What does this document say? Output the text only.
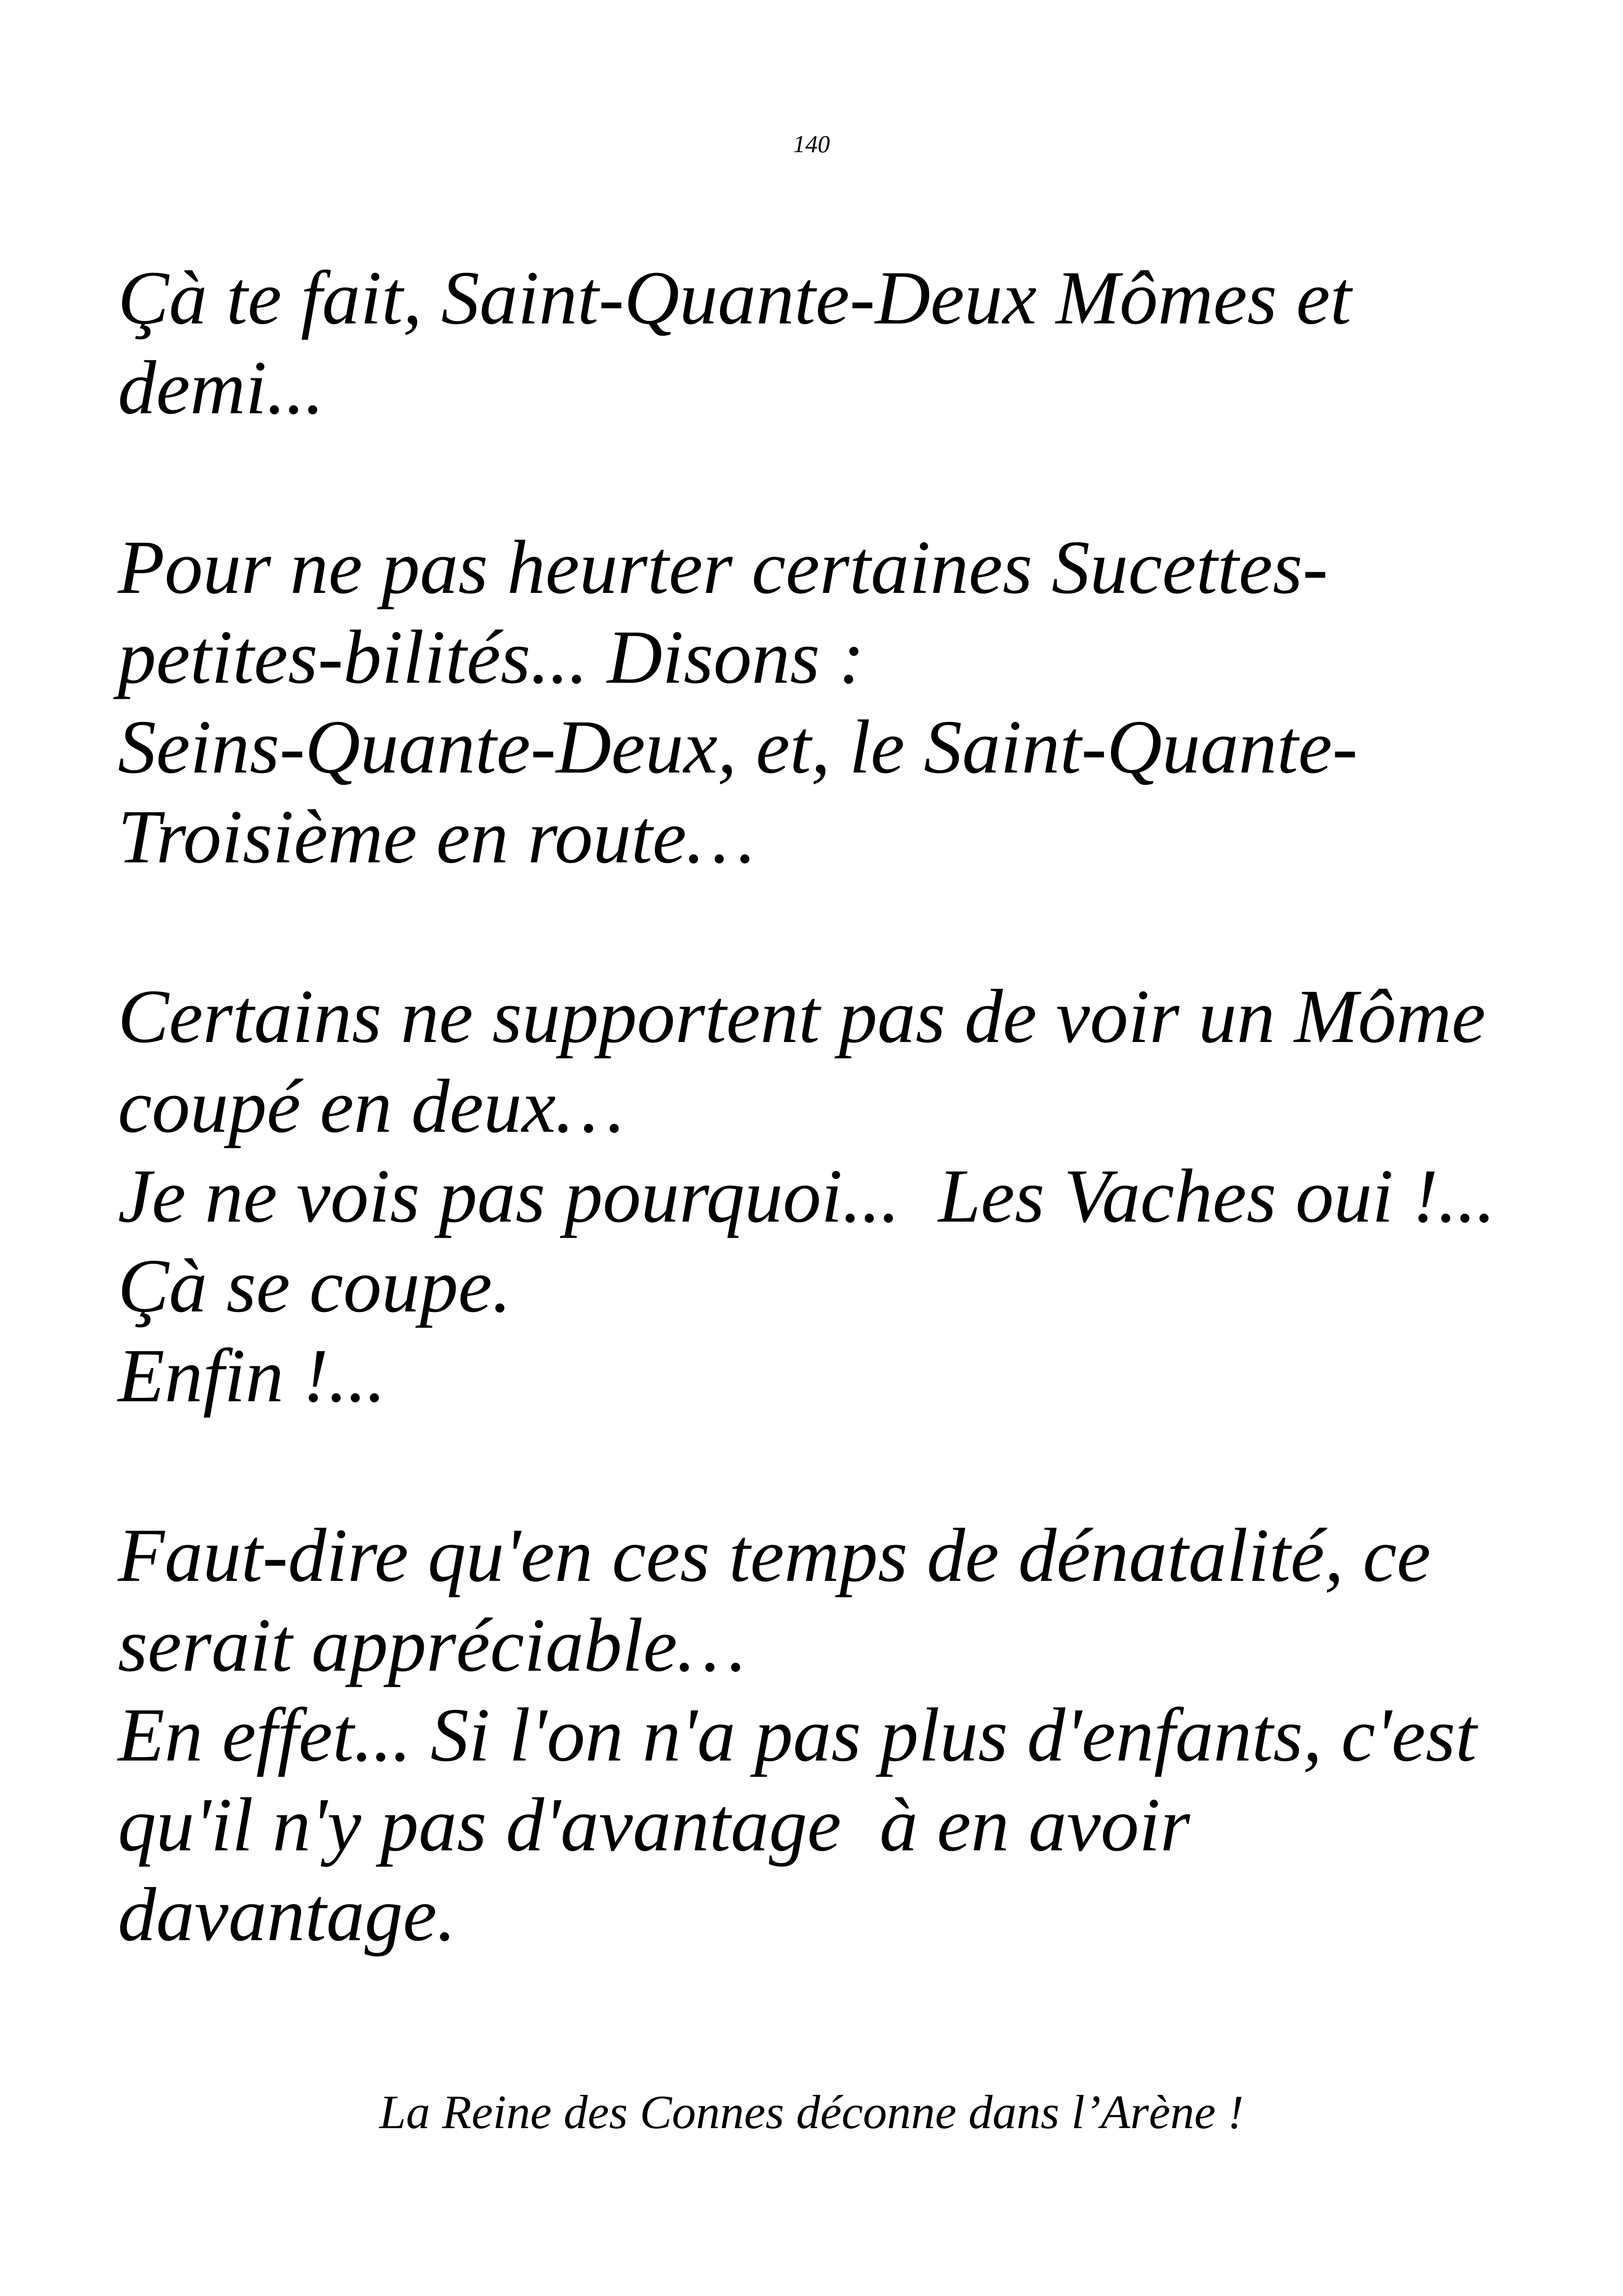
140
Çà te fait, Saint-Quante-Deux Mômes et
demi...
Pour ne pas heurter certaines Sucettes-
petites-bilités... Disons :
Seins-Quante-Deux, et, le Saint-Quante-
Troisième en route…
Certains ne supportent pas de voir un Môme
coupé en deux…
Je ne vois pas pourquoi...  Les Vaches oui !...
Çà se coupe.
Enfin !...
Faut-dire qu'en ces temps de dénatalité, ce
serait appréciable…
En effet... Si l'on n'a pas plus d'enfants, c'est
qu'il n'y pas d'avantage  à en avoir
davantage.
La Reine des Connes déconne dans l’Arène !
